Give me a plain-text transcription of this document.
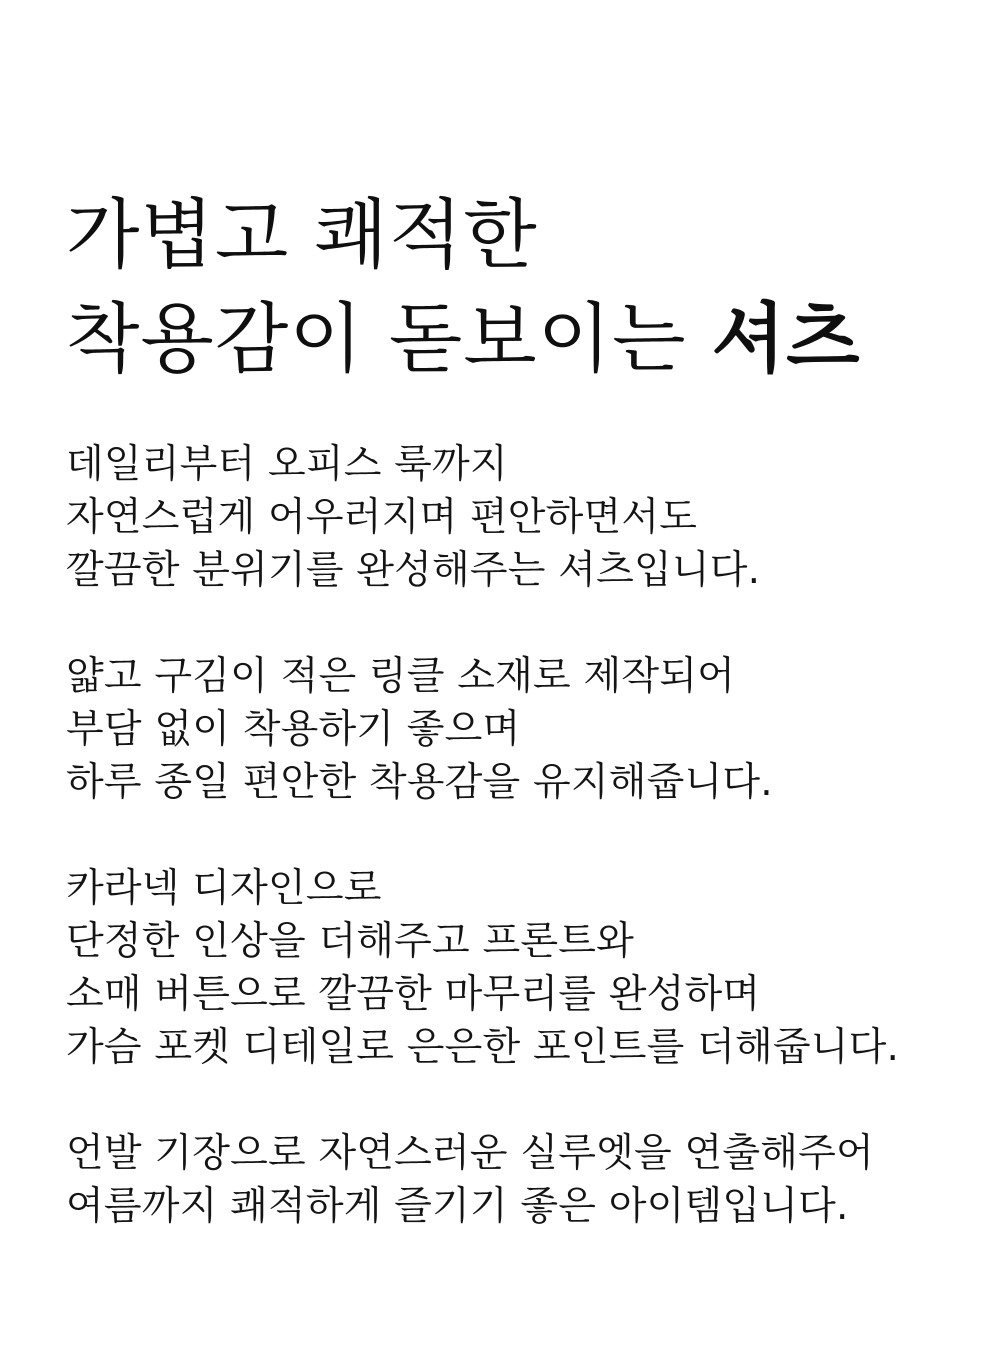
가볍고 쾌적한
착용감이 돋보이는 셔츠

데일리부터 오피스 룩까지
자연스럽게 어우러지며 편안하면서도
깔끔한 분위기를 완성해주는 셔츠입니다.

얇고 구김이 적은 링클 소재로 제작되어
부담 없이 착용하기 좋으며
하루 종일 편안한 착용감을 유지해줍니다.

카라넥 디자인으로
단정한 인상을 더해주고 프론트와
소매 버튼으로 깔끔한 마무리를 완성하며
가슴 포켓 디테일로 은은한 포인트를 더해줍니다.

언발 기장으로 자연스러운 실루엣을 연출해주어
여름까지 쾌적하게 즐기기 좋은 아이템입니다.
